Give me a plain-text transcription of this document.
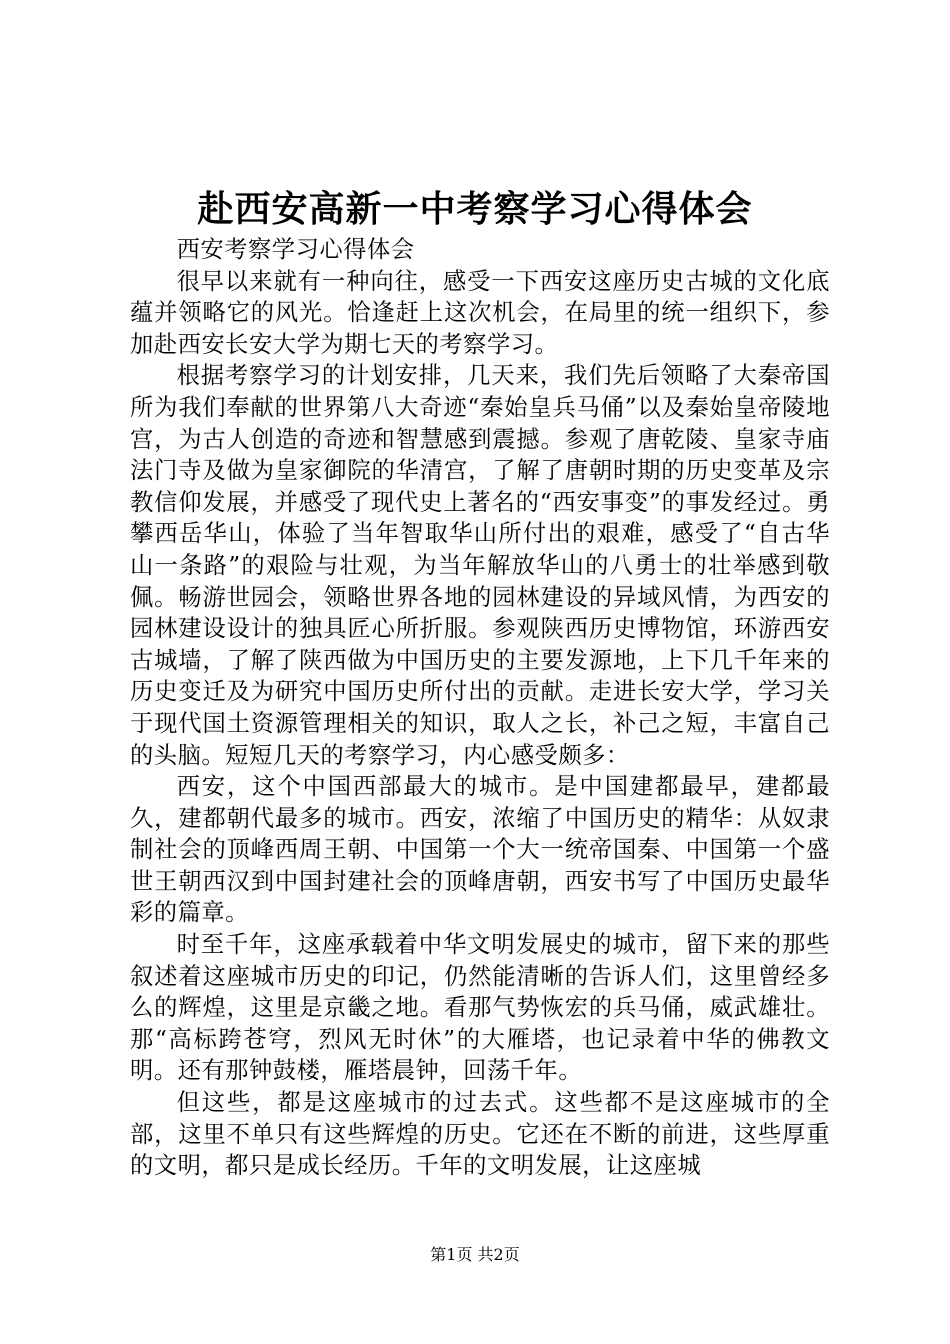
赴西安高新一中考察学习心得体会

西安考察学习心得体会

很早以来就有一种向往，感受一下西安这座历史古城的文化底蕴并领略它的风光。恰逢赶上这次机会，在局里的统一组织下，参加赴西安长安大学为期七天的考察学习。

根据考察学习的计划安排，几天来，我们先后领略了大秦帝国所为我们奉献的世界第八大奇迹“秦始皇兵马俑”以及秦始皇帝陵地宫，为古人创造的奇迹和智慧感到震撼。参观了唐乾陵、皇家寺庙法门寺及做为皇家御院的华清宫，了解了唐朝时期的历史变革及宗教信仰发展，并感受了现代史上著名的“西安事变”的事发经过。勇攀西岳华山，体验了当年智取华山所付出的艰难，感受了“自古华山一条路”的艰险与壮观，为当年解放华山的八勇士的壮举感到敬佩。畅游世园会，领略世界各地的园林建设的异域风情，为西安的园林建设设计的独具匠心所折服。参观陕西历史博物馆，环游西安古城墙，了解了陕西做为中国历史的主要发源地，上下几千年来的历史变迁及为研究中国历史所付出的贡献。走进长安大学，学习关于现代国土资源管理相关的知识，取人之长，补己之短，丰富自己的头脑。短短几天的考察学习，内心感受颇多：

西安，这个中国西部最大的城市。是中国建都最早，建都最久，建都朝代最多的城市。西安，浓缩了中国历史的精华：从奴隶制社会的顶峰西周王朝、中国第一个大一统帝国秦、中国第一个盛世王朝西汉到中国封建社会的顶峰唐朝，西安书写了中国历史最华彩的篇章。

时至千年，这座承载着中华文明发展史的城市，留下来的那些叙述着这座城市历史的印记，仍然能清晰的告诉人们，这里曾经多么的辉煌，这里是京畿之地。看那气势恢宏的兵马俑，威武雄壮。那“高标跨苍穹，烈风无时休”的大雁塔，也记录着中华的佛教文明。还有那钟鼓楼，雁塔晨钟，回荡千年。

但这些，都是这座城市的过去式。这些都不是这座城市的全部，这里不单只有这些辉煌的历史。它还在不断的前进，这些厚重的文明，都只是成长经历。千年的文明发展，让这座城

第1页 共2页
